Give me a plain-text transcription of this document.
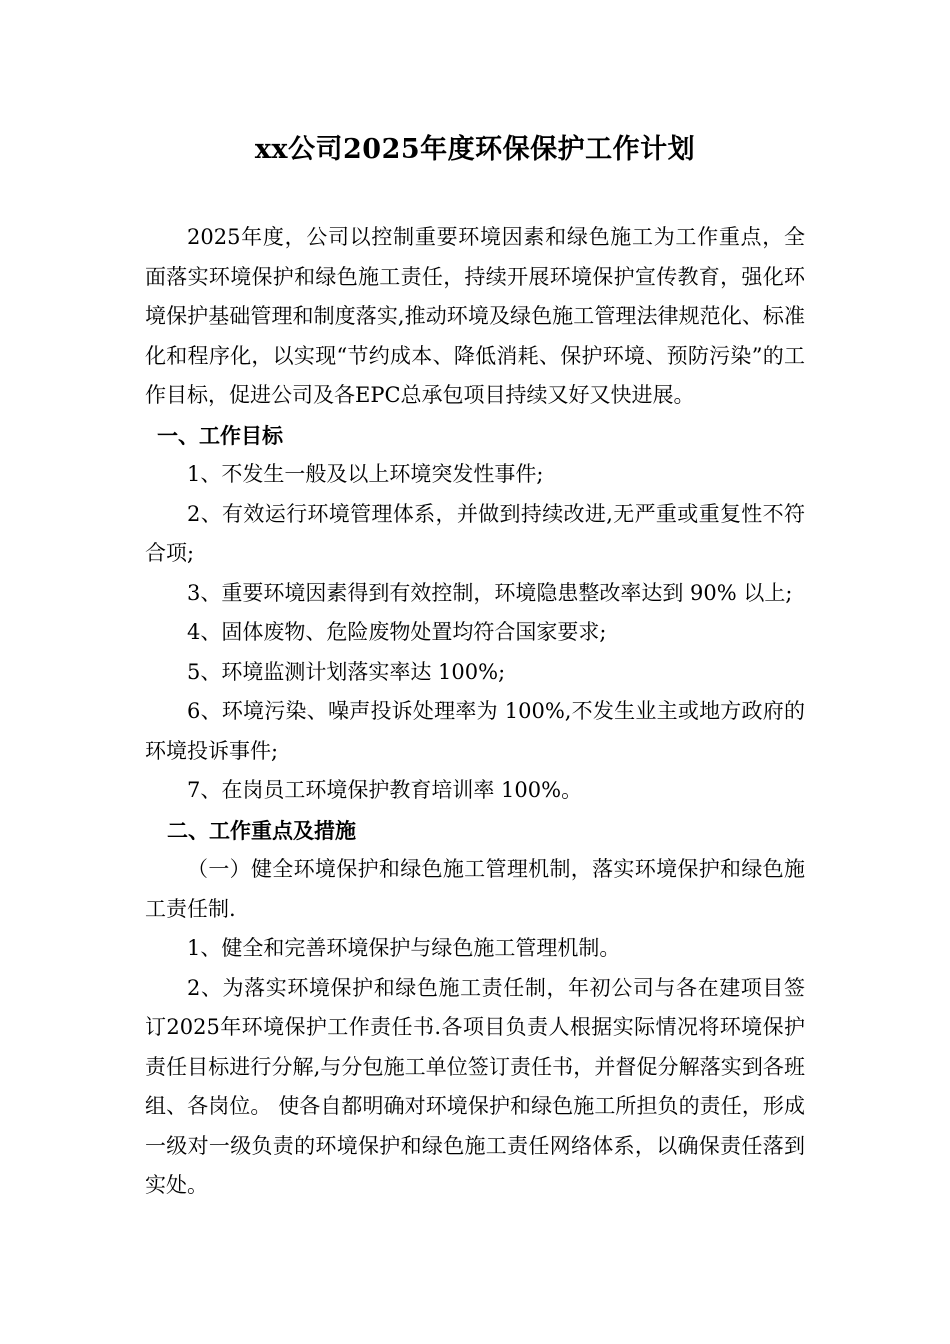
xx公司2025年度环保保护工作计划

2025年度，公司以控制重要环境因素和绿色施工为工作重点，全面落实环境保护和绿色施工责任，持续开展环境保护宣传教育，强化环境保护基础管理和制度落实,推动环境及绿色施工管理法律规范化、标准化和程序化，以实现“节约成本、降低消耗、保护环境、预防污染”的工作目标，促进公司及各EPC总承包项目持续又好又快进展。

一、工作目标

1、不发生一般及以上环境突发性事件;

2、有效运行环境管理体系，并做到持续改进,无严重或重复性不符合项;

3、重要环境因素得到有效控制，环境隐患整改率达到 90% 以上;

4、固体废物、危险废物处置均符合国家要求;

5、环境监测计划落实率达 100%;

6、环境污染、噪声投诉处理率为 100%,不发生业主或地方政府的环境投诉事件;

7、在岗员工环境保护教育培训率 100%。

二、工作重点及措施

（一）健全环境保护和绿色施工管理机制，落实环境保护和绿色施工责任制.

1、健全和完善环境保护与绿色施工管理机制。

2、为落实环境保护和绿色施工责任制，年初公司与各在建项目签订2025年环境保护工作责任书.各项目负责人根据实际情况将环境保护责任目标进行分解,与分包施工单位签订责任书，并督促分解落实到各班组、各岗位。 使各自都明确对环境保护和绿色施工所担负的责任，形成一级对一级负责的环境保护和绿色施工责任网络体系，以确保责任落到实处。
